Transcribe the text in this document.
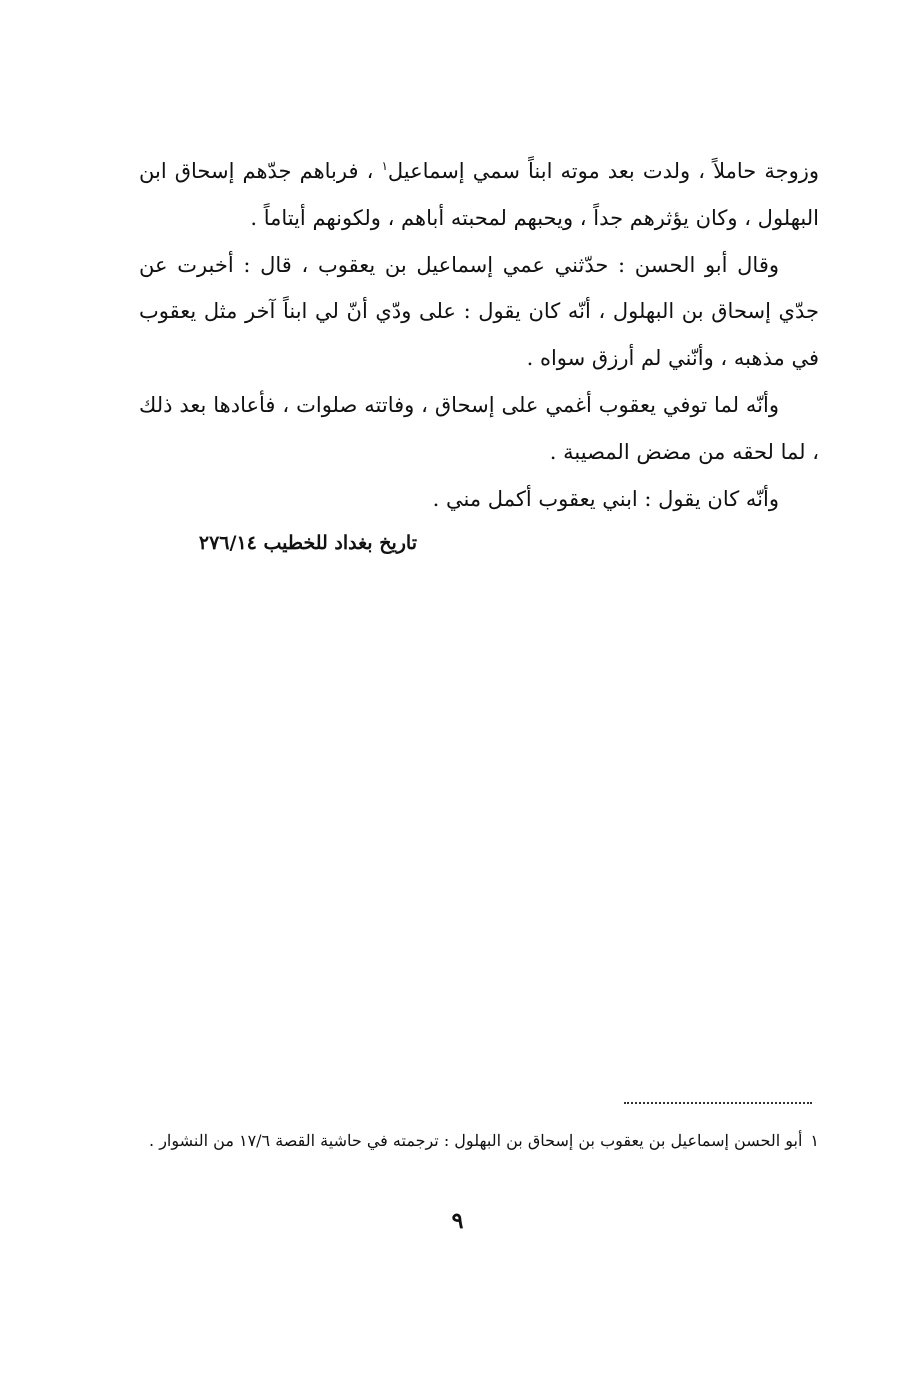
وزوجة حاملاً ، ولدت بعد موته ابناً سمي إسماعيل$^١$ ، فرباهم جدّهم إسحاق ابن البهلول ، وكان يؤثرهم جداً ، ويحبهم لمحبته أباهم ، ولكونهم أيتاماً .

وقال أبو الحسن : حدّثني عمي إسماعيل بن يعقوب ، قال : أخبرت عن جدّي إسحاق بن البهلول ، أنّه كان يقول : على ودّي أنّ لي ابناً آخر مثل يعقوب في مذهبه ، وأنّني لم أرزق سواه .

وأنّه لما توفي يعقوب أغمي على إسحاق ، وفاتته صلوات ، فأعادها بعد ذلك ، لما لحقه من مضض المصيبة .

وأنّه كان يقول : ابني يعقوب أكمل مني .

تاريخ بغداد للخطيب ٢٧٦/١٤
١أبو الحسن إسماعيل بن يعقوب بن إسحاق بن البهلول : ترجمته في حاشية القصة ١٧/٦ من النشوار .
٩
